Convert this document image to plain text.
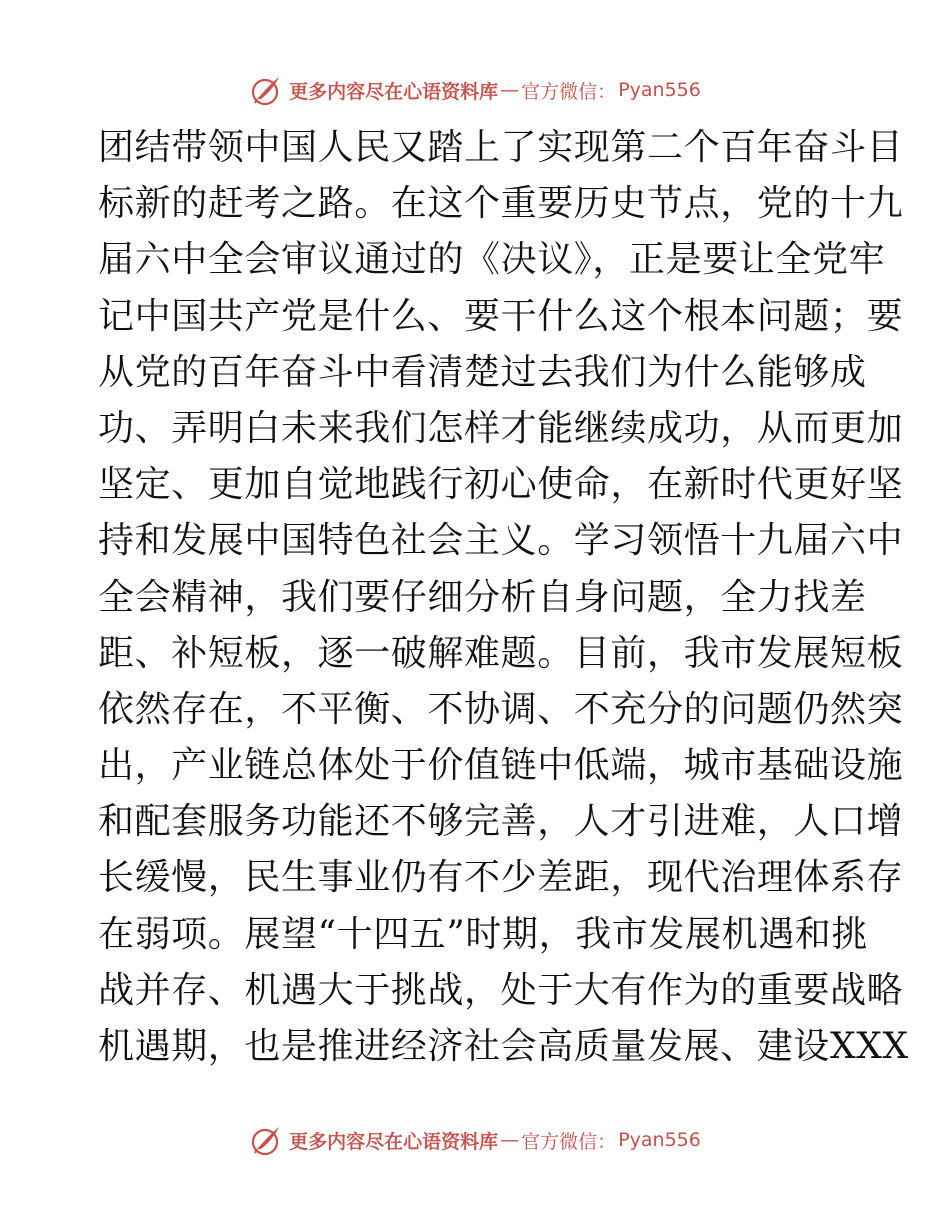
更多内容尽在心语资料库 — 官方微信： Pyan556
团结带领中国人民又踏上了实现第二个百年奋斗目
标新的赶考之路。在这个重要历史节点，党的十九
届六中全会审议通过的《决议》，正是要让全党牢
记中国共产党是什么、要干什么这个根本问题；要
从党的百年奋斗中看清楚过去我们为什么能够成
功、弄明白未来我们怎样才能继续成功，从而更加
坚定、更加自觉地践行初心使命，在新时代更好坚
持和发展中国特色社会主义。学习领悟十九届六中
全会精神，我们要仔细分析自身问题，全力找差
距、补短板，逐一破解难题。目前，我市发展短板
依然存在，不平衡、不协调、不充分的问题仍然突
出，产业链总体处于价值链中低端，城市基础设施
和配套服务功能还不够完善，人才引进难，人口增
长缓慢，民生事业仍有不少差距，现代治理体系存
在弱项。展望“十四五”时期，我市发展机遇和挑
战并存、机遇大于挑战，处于大有作为的重要战略
机遇期，也是推进经济社会高质量发展、建设XXX
更多内容尽在心语资料库 — 官方微信： Pyan556
